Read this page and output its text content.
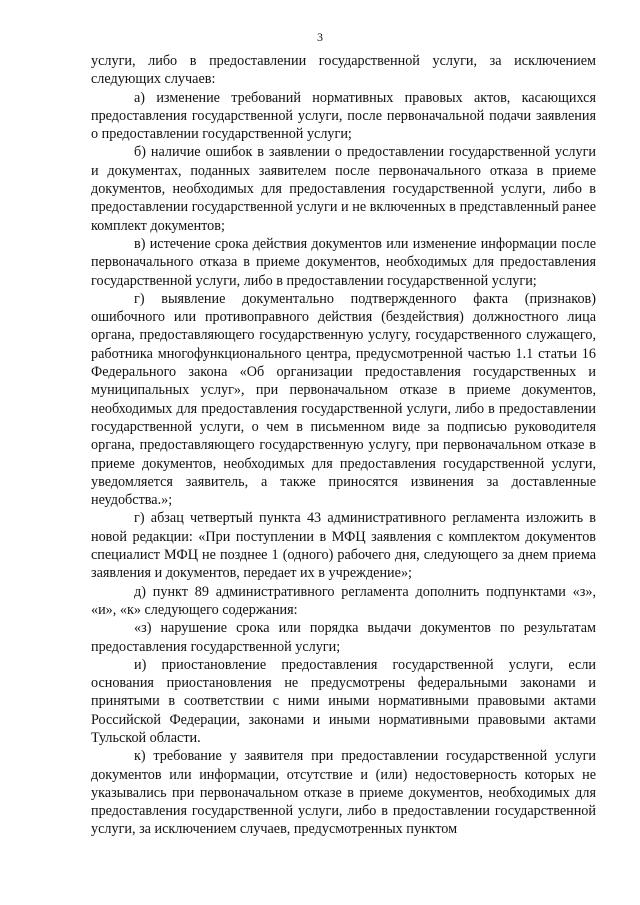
3

услуги, либо в предоставлении государственной услуги, за исключением следующих случаев:

а) изменение требований нормативных правовых актов, касающихся предоставления государственной услуги, после первоначальной подачи заявления о предоставлении государственной услуги;

б) наличие ошибок в заявлении о предоставлении государственной услуги и документах, поданных заявителем после первоначального отказа в приеме документов, необходимых для предоставления государственной услуги, либо в предоставлении государственной услуги и не включенных в представленный ранее комплект документов;

в) истечение срока действия документов или изменение информации после первоначального отказа в приеме документов, необходимых для предоставления государственной услуги, либо в предоставлении государственной услуги;

г) выявление документально подтвержденного факта (признаков) ошибочного или противоправного действия (бездействия) должностного лица органа, предоставляющего государственную услугу, государственного служащего, работника многофункционального центра, предусмотренной частью 1.1 статьи 16 Федерального закона «Об организации предоставления государственных и муниципальных услуг», при первоначальном отказе в приеме документов, необходимых для предоставления государственной услуги, либо в предоставлении государственной услуги, о чем в письменном виде за подписью руководителя органа, предоставляющего государственную услугу, при первоначальном отказе в приеме документов, необходимых для предоставления государственной услуги, уведомляется заявитель, а также приносятся извинения за доставленные неудобства.»;

г) абзац четвертый пункта 43 административного регламента изложить в новой редакции: «При поступлении в МФЦ заявления с комплектом документов специалист МФЦ не позднее 1 (одного) рабочего дня, следующего за днем приема заявления и документов, передает их в учреждение»;

д) пункт 89 административного регламента дополнить подпунктами «з», «и», «к» следующего содержания:

«з) нарушение срока или порядка выдачи документов по результатам предоставления государственной услуги;

и) приостановление предоставления государственной услуги, если основания приостановления не предусмотрены федеральными законами и принятыми в соответствии с ними иными нормативными правовыми актами Российской Федерации, законами и иными нормативными правовыми актами Тульской области.

к) требование у заявителя при предоставлении государственной услуги документов или информации, отсутствие и (или) недостоверность которых не указывались при первоначальном отказе в приеме документов, необходимых для предоставления государственной услуги, либо в предоставлении государственной услуги, за исключением случаев, предусмотренных пунктом
